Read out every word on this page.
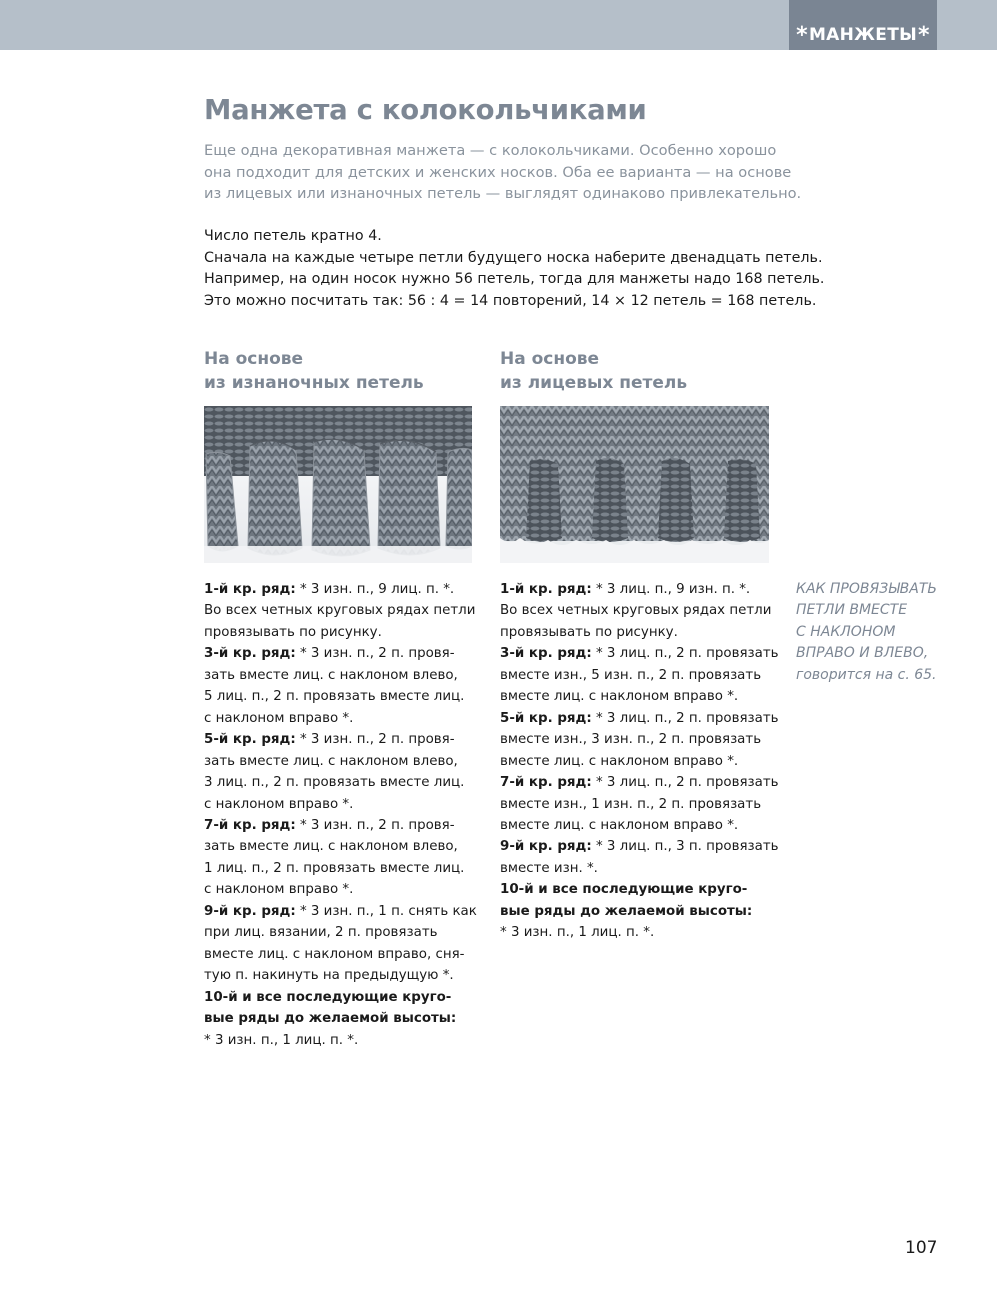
* МАНЖЕТЫ *
Манжета с колокольчиками
Еще одна декоративная манжета — с колокольчиками. Особенно хорошо
она подходит для детских и женских носков. Оба ее варианта — на основе
из лицевых или изнаночных петель — выглядят одинаково привлекательно.
Число петель кратно 4.
Сначала на каждые четыре петли будущего носка наберите двенадцать петель.
Например, на один носок нужно 56 петель, тогда для манжеты надо 168 петель.
Это можно посчитать так: 56 : 4 = 14 повторений, 14 × 12 петель = 168 петель.
На основе
из изнаночных петель
На основе
из лицевых петель
1-й кр. ряд: * 3 изн. п., 9 лиц. п. *.
Во всех четных круговых рядах петли
провязывать по рисунку.
3-й кр. ряд: * 3 изн. п., 2 п. провя-
зать вместе лиц. с наклоном влево,
5 лиц. п., 2 п. провязать вместе лиц.
с наклоном вправо *.
5-й кр. ряд: * 3 изн. п., 2 п. провя-
зать вместе лиц. с наклоном влево,
3 лиц. п., 2 п. провязать вместе лиц.
с наклоном вправо *.
7-й кр. ряд: * 3 изн. п., 2 п. провя-
зать вместе лиц. с наклоном влево,
1 лиц. п., 2 п. провязать вместе лиц.
с наклоном вправо *.
9-й кр. ряд: * 3 изн. п., 1 п. снять как
при лиц. вязании, 2 п. провязать
вместе лиц. с наклоном вправо, сня-
тую п. накинуть на предыдущую *.
10-й и все последующие круго-
вые ряды до желаемой высоты:
* 3 изн. п., 1 лиц. п. *.
1-й кр. ряд: * 3 лиц. п., 9 изн. п. *.
Во всех четных круговых рядах петли
провязывать по рисунку.
3-й кр. ряд: * 3 лиц. п., 2 п. провязать
вместе изн., 5 изн. п., 2 п. провязать
вместе лиц. с наклоном вправо *.
5-й кр. ряд: * 3 лиц. п., 2 п. провязать
вместе изн., 3 изн. п., 2 п. провязать
вместе лиц. с наклоном вправо *.
7-й кр. ряд: * 3 лиц. п., 2 п. провязать
вместе изн., 1 изн. п., 2 п. провязать
вместе лиц. с наклоном вправо *.
9-й кр. ряд: * 3 лиц. п., 3 п. провязать
вместе изн. *.
10-й и все последующие круго-
вые ряды до желаемой высоты:
* 3 изн. п., 1 лиц. п. *.
КАК ПРОВЯЗЫВАТЬ
ПЕТЛИ ВМЕСТЕ
С НАКЛОНОМ
ВПРАВО И ВЛЕВО,
говорится на с. 65.
107
